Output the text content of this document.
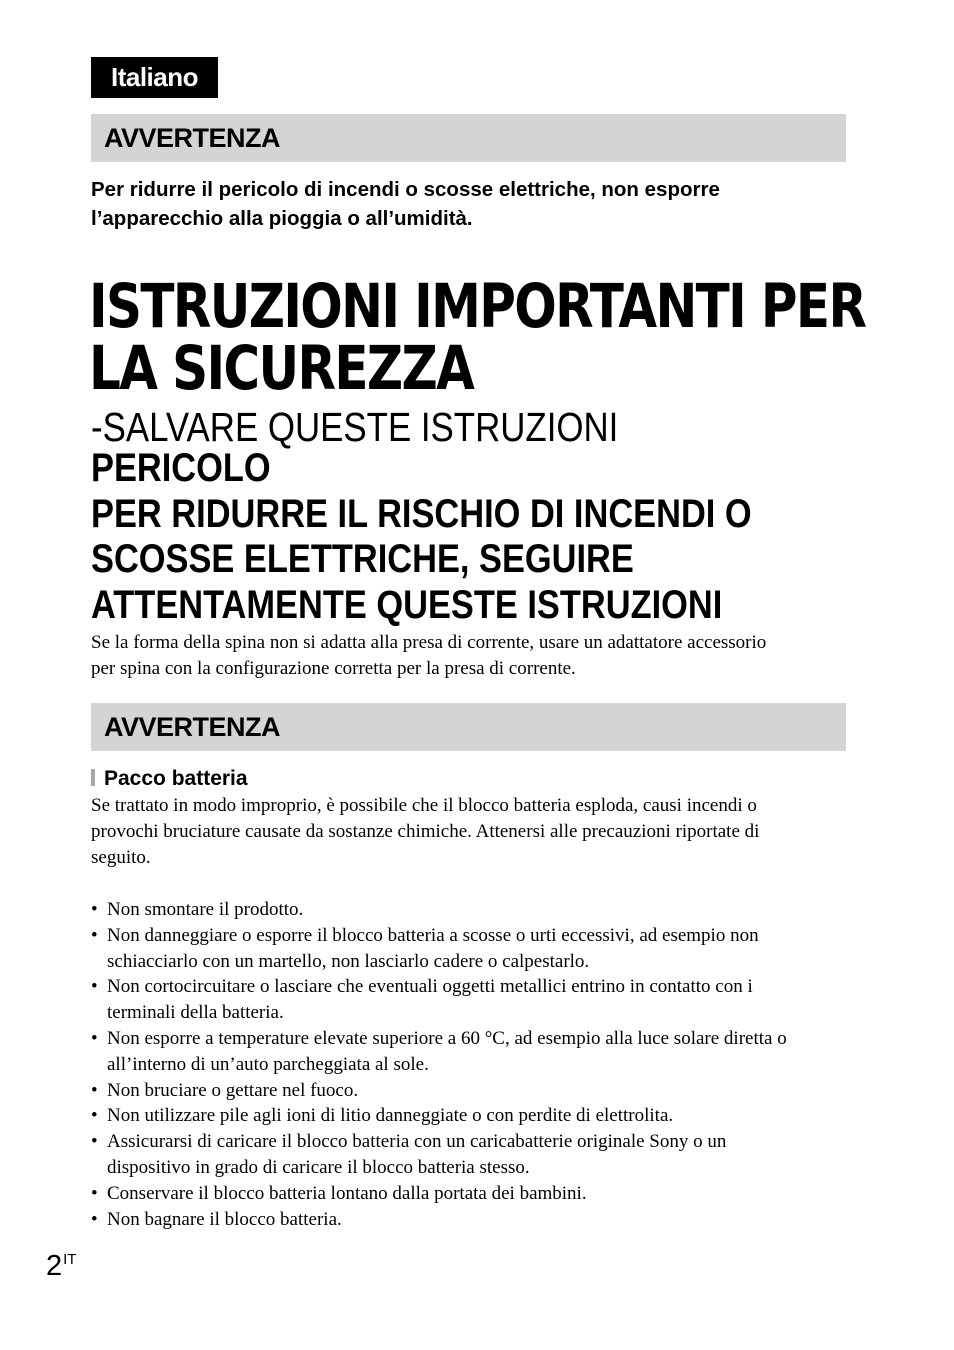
Italiano
AVVERTENZA
Per ridurre il pericolo di incendi o scosse elettriche, non esporre
l’apparecchio alla pioggia o all’umidità.
ISTRUZIONI IMPORTANTI PER
LA SICUREZZA
-SALVARE QUESTE ISTRUZIONI
PERICOLO
PER RIDURRE IL RISCHIO DI INCENDI O
SCOSSE ELETTRICHE, SEGUIRE
ATTENTAMENTE QUESTE ISTRUZIONI
Se la forma della spina non si adatta alla presa di corrente, usare un adattatore accessorio
per spina con la configurazione corretta per la presa di corrente.
AVVERTENZA
Pacco batteria
Se trattato in modo improprio, è possibile che il blocco batteria esploda, causi incendi o
provochi bruciature causate da sostanze chimiche. Attenersi alle precauzioni riportate di
seguito.
• Non smontare il prodotto.
• Non danneggiare o esporre il blocco batteria a scosse o urti eccessivi, ad esempio non
schiacciarlo con un martello, non lasciarlo cadere o calpestarlo.
• Non cortocircuitare o lasciare che eventuali oggetti metallici entrino in contatto con i
terminali della batteria.
• Non esporre a temperature elevate superiore a 60 °C, ad esempio alla luce solare diretta o
all’interno di un’auto parcheggiata al sole.
• Non bruciare o gettare nel fuoco.
• Non utilizzare pile agli ioni di litio danneggiate o con perdite di elettrolita.
• Assicurarsi di caricare il blocco batteria con un caricabatterie originale Sony o un
dispositivo in grado di caricare il blocco batteria stesso.
• Conservare il blocco batteria lontano dalla portata dei bambini.
• Non bagnare il blocco batteria.
$2^{IT}$
